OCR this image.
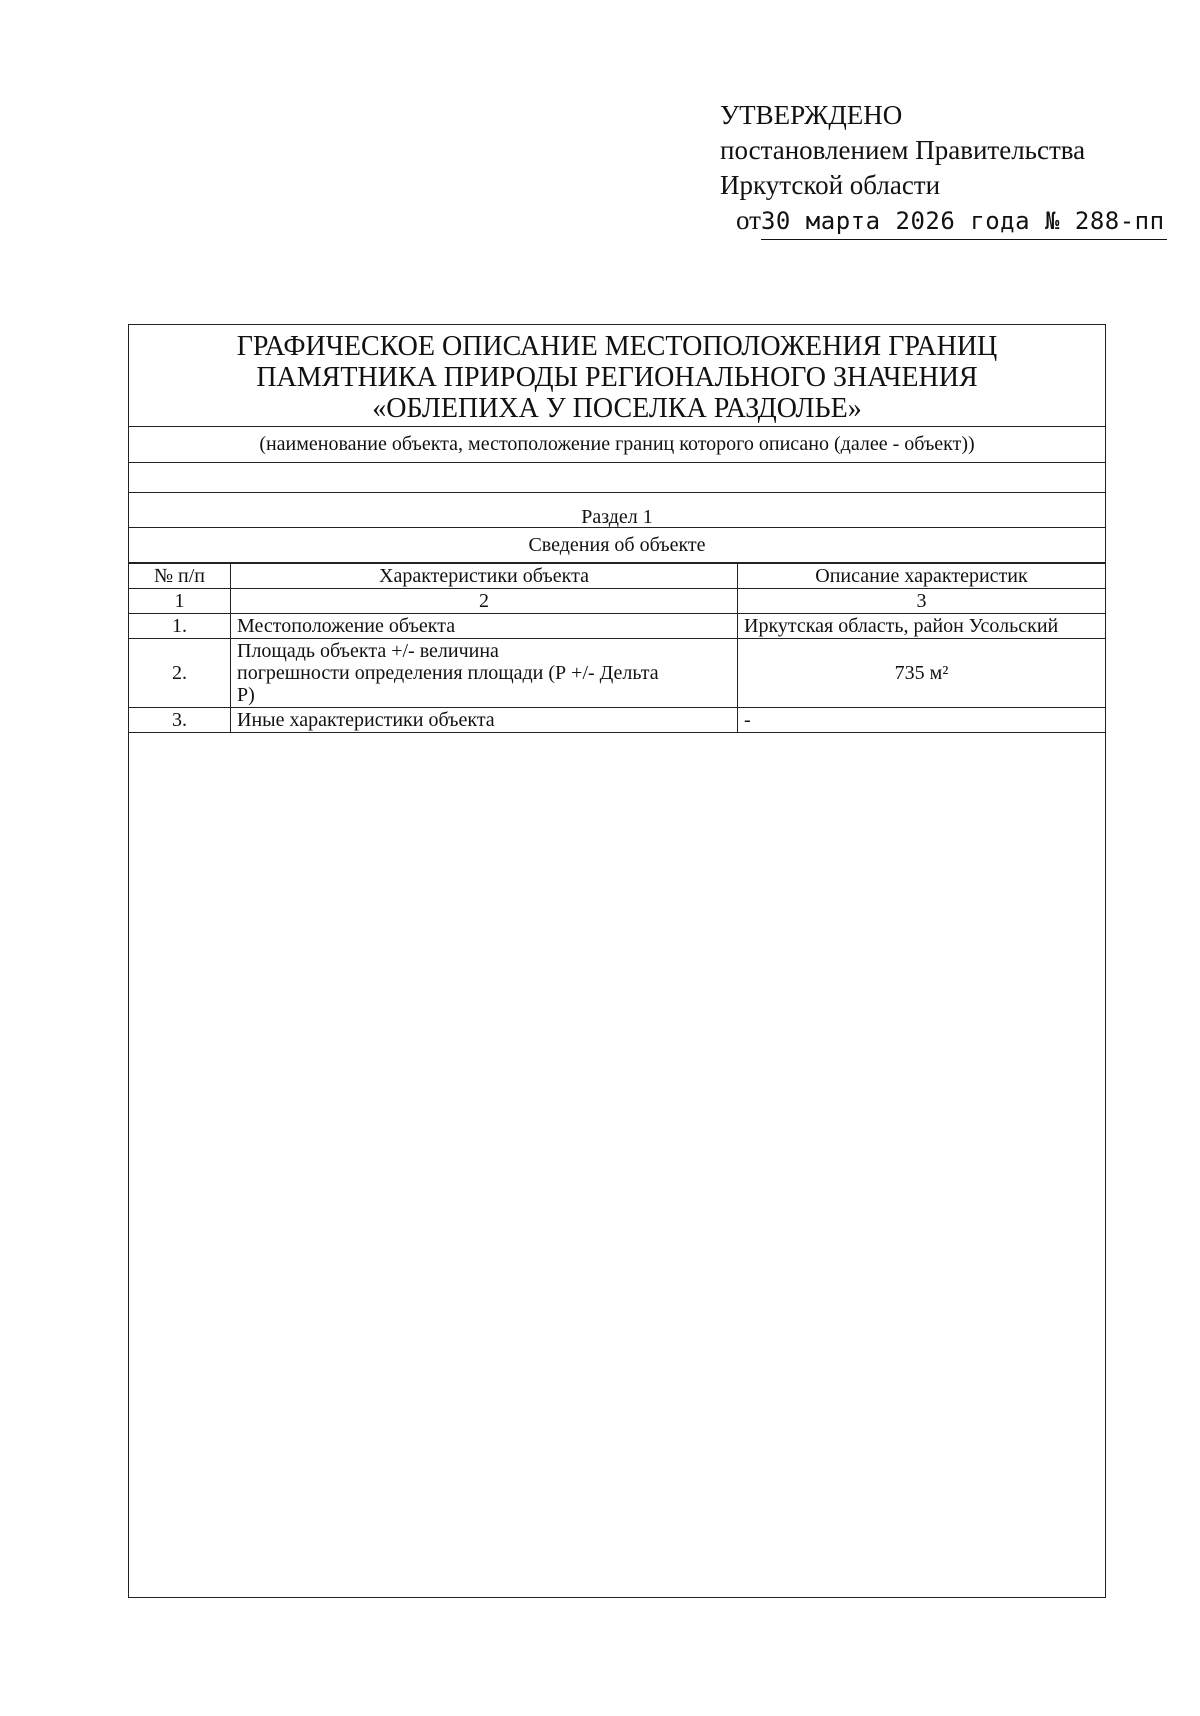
УТВЕРЖДЕНО
постановлением Правительства
Иркутской области
от30 марта 2026 года № 288-пп
ГРАФИЧЕСКОЕ ОПИСАНИЕ МЕСТОПОЛОЖЕНИЯ ГРАНИЦ
ПАМЯТНИКА ПРИРОДЫ РЕГИОНАЛЬНОГО ЗНАЧЕНИЯ
«ОБЛЕПИХА У ПОСЕЛКА РАЗДОЛЬЕ»
(наименование объекта, местоположение границ которого описано (далее - объект))
Раздел 1
Сведения об объекте
№ п/п	Характеристики объекта	Описание характеристик
1	2	3
1.	Местоположение объекта	Иркутская область, район Усольский
2.	Площадь объекта +/- величина
погрешности определения площади (Р +/- Дельта
Р)	735 м²
3.	Иные характеристики объекта	-
